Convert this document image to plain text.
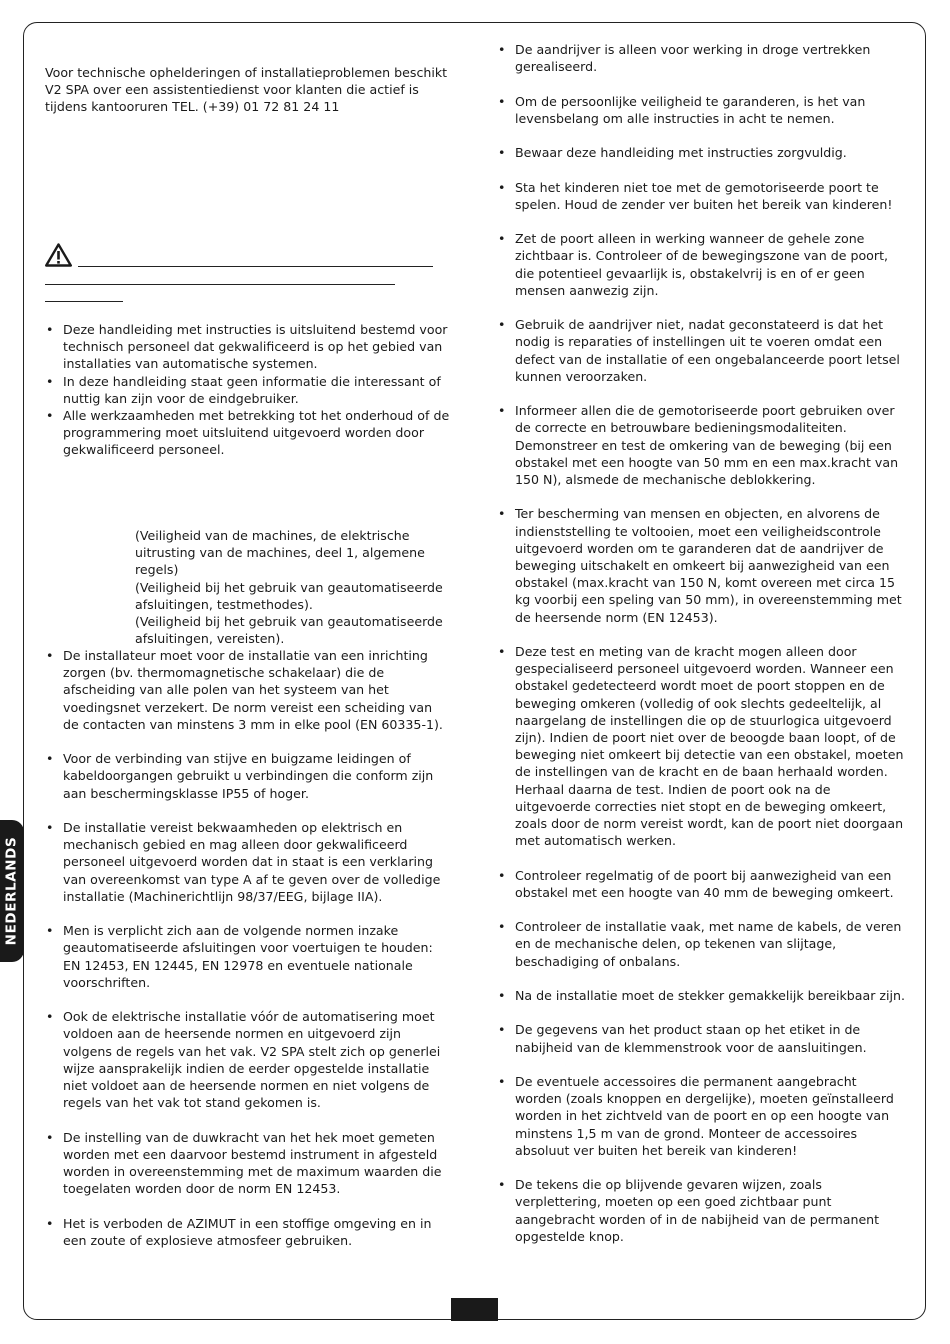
NEDERLANDS

Voor technische ophelderingen of installatieproblemen beschikt V2 SPA over een assistentiedienst voor klanten die actief is tijdens kantooruren TEL. (+39) 01 72 81 24 11

• Deze handleiding met instructies is uitsluitend bestemd voor technisch personeel dat gekwalificeerd is op het gebied van installaties van automatische systemen.
• In deze handleiding staat geen informatie die interessant of nuttig kan zijn voor de eindgebruiker.
• Alle werkzaamheden met betrekking tot het onderhoud of de programmering moet uitsluitend uitgevoerd worden door gekwalificeerd personeel.
(Veiligheid van de machines, de elektrische uitrusting van de machines, deel 1, algemene regels)
(Veiligheid bij het gebruik van geautomatiseerde afsluitingen, testmethodes).
(Veiligheid bij het gebruik van geautomatiseerde afsluitingen, vereisten).
• De installateur moet voor de installatie van een inrichting zorgen (bv. thermomagnetische schakelaar) die de afscheiding van alle polen van het systeem van het voedingsnet verzekert. De norm vereist een scheiding van de contacten van minstens 3 mm in elke pool (EN 60335-1).
• Voor de verbinding van stijve en buigzame leidingen of kabeldoorgangen gebruikt u verbindingen die conform zijn aan beschermingsklasse IP55 of hoger.
• De installatie vereist bekwaamheden op elektrisch en mechanisch gebied en mag alleen door gekwalificeerd personeel uitgevoerd worden dat in staat is een verklaring van overeenkomst van type A af te geven over de volledige installatie (Machinerichtlijn 98/37/EEG, bijlage IIA).
• Men is verplicht zich aan de volgende normen inzake geautomatiseerde afsluitingen voor voertuigen te houden: EN 12453, EN 12445, EN 12978 en eventuele nationale voorschriften.
• Ook de elektrische installatie vóór de automatisering moet voldoen aan de heersende normen en uitgevoerd zijn volgens de regels van het vak. V2 SPA stelt zich op generlei wijze aansprakelijk indien de eerder opgestelde installatie niet voldoet aan de heersende normen en niet volgens de regels van het vak tot stand gekomen is.
• De instelling van de duwkracht van het hek moet gemeten worden met een daarvoor bestemd instrument in afgesteld worden in overeenstemming met de maximum waarden die toegelaten worden door de norm EN 12453.
• Het is verboden de AZIMUT in een stoffige omgeving en in een zoute of explosieve atmosfeer gebruiken.
• De aandrijver is alleen voor werking in droge vertrekken gerealiseerd.
• Om de persoonlijke veiligheid te garanderen, is het van levensbelang om alle instructies in acht te nemen.
• Bewaar deze handleiding met instructies zorgvuldig.
• Sta het kinderen niet toe met de gemotoriseerde poort te spelen. Houd de zender ver buiten het bereik van kinderen!
• Zet de poort alleen in werking wanneer de gehele zone zichtbaar is. Controleer of de bewegingszone van de poort, die potentieel gevaarlijk is, obstakelvrij is en of er geen mensen aanwezig zijn.
• Gebruik de aandrijver niet, nadat geconstateerd is dat het nodig is reparaties of instellingen uit te voeren omdat een defect van de installatie of een ongebalanceerde poort letsel kunnen veroorzaken.
• Informeer allen die de gemotoriseerde poort gebruiken over de correcte en betrouwbare bedieningsmodaliteiten. Demonstreer en test de omkering van de beweging (bij een obstakel met een hoogte van 50 mm en een max.kracht van 150 N), alsmede de mechanische deblokkering.
• Ter bescherming van mensen en objecten, en alvorens de indienststelling te voltooien, moet een veiligheidscontrole uitgevoerd worden om te garanderen dat de aandrijver de beweging uitschakelt en omkeert bij aanwezigheid van een obstakel (max.kracht van 150 N, komt overeen met circa 15 kg voorbij een speling van 50 mm), in overeenstemming met de heersende norm (EN 12453).
• Deze test en meting van de kracht mogen alleen door gespecialiseerd personeel uitgevoerd worden. Wanneer een obstakel gedetecteerd wordt moet de poort stoppen en de beweging omkeren (volledig of ook slechts gedeeltelijk, al naargelang de instellingen die op de stuurlogica uitgevoerd zijn). Indien de poort niet over de beoogde baan loopt, of de beweging niet omkeert bij detectie van een obstakel, moeten de instellingen van de kracht en de baan herhaald worden. Herhaal daarna de test. Indien de poort ook na de uitgevoerde correcties niet stopt en de beweging omkeert, zoals door de norm vereist wordt, kan de poort niet doorgaan met automatisch werken.
• Controleer regelmatig of de poort bij aanwezigheid van een obstakel met een hoogte van 40 mm de beweging omkeert.
• Controleer de installatie vaak, met name de kabels, de veren en de mechanische delen, op tekenen van slijtage, beschadiging of onbalans.
• Na de installatie moet de stekker gemakkelijk bereikbaar zijn.
• De gegevens van het product staan op het etiket in de nabijheid van de klemmenstrook voor de aansluitingen.
• De eventuele accessoires die permanent aangebracht worden (zoals knoppen en dergelijke), moeten geïnstalleerd worden in het zichtveld van de poort en op een hoogte van minstens 1,5 m van de grond. Monteer de accessoires absoluut ver buiten het bereik van kinderen!
• De tekens die op blijvende gevaren wijzen, zoals verplettering, moeten op een goed zichtbaar punt aangebracht worden of in de nabijheid van de permanent opgestelde knop.
